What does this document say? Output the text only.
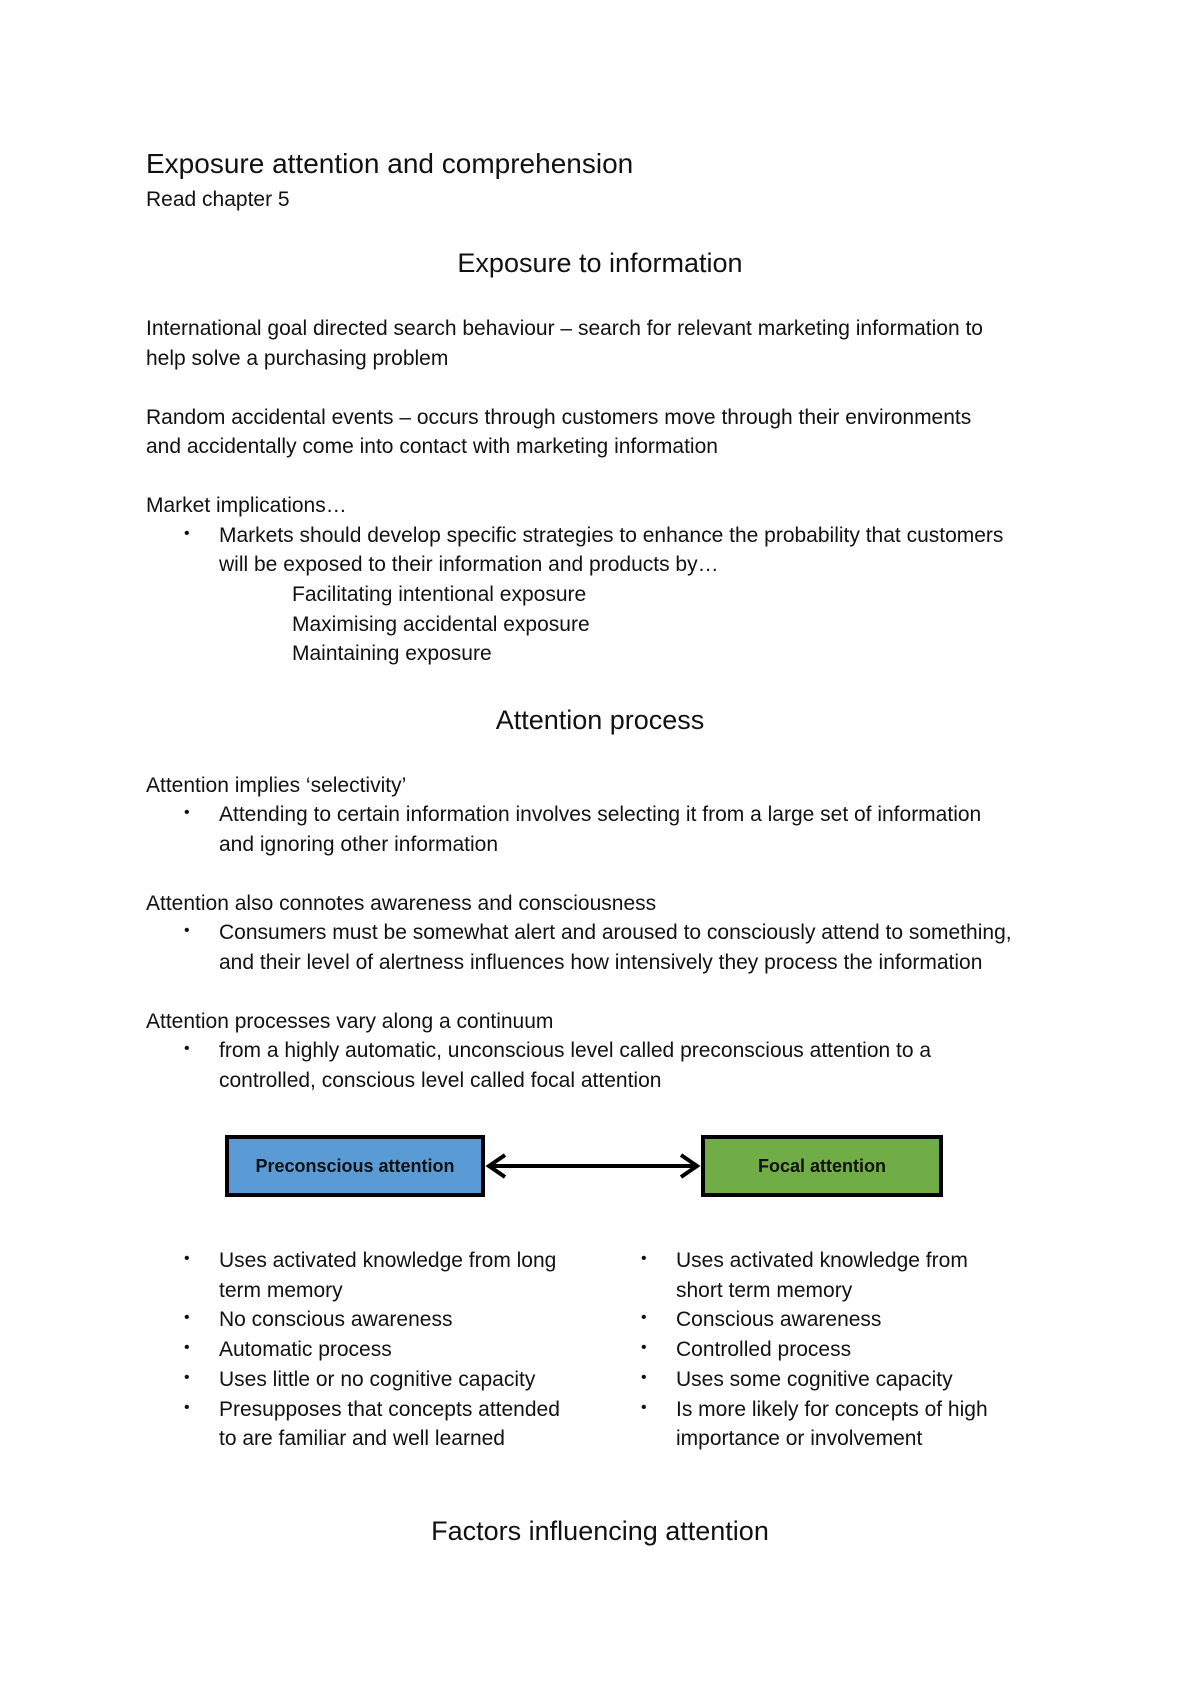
Exposure attention and comprehension
Read chapter 5
Exposure to information
International goal directed search behaviour – search for relevant marketing information to
help solve a purchasing problem
Random accidental events – occurs through customers move through their environments
and accidentally come into contact with marketing information
Market implications…
• Markets should develop specific strategies to enhance the probability that customers
will be exposed to their information and products by…
Facilitating intentional exposure
Maximising accidental exposure
Maintaining exposure
Attention process
Attention implies ‘selectivity’
• Attending to certain information involves selecting it from a large set of information
and ignoring other information
Attention also connotes awareness and consciousness
• Consumers must be somewhat alert and aroused to consciously attend to something,
and their level of alertness influences how intensively they process the information
Attention processes vary along a continuum
• from a highly automatic, unconscious level called preconscious attention to a
controlled, conscious level called focal attention
Preconscious attention	Focal attention
• Uses activated knowledge from long
term memory
• No conscious awareness
• Automatic process
• Uses little or no cognitive capacity
• Presupposes that concepts attended
to are familiar and well learned
• Uses activated knowledge from
short term memory
• Conscious awareness
• Controlled process
• Uses some cognitive capacity
• Is more likely for concepts of high
importance or involvement
Factors influencing attention
